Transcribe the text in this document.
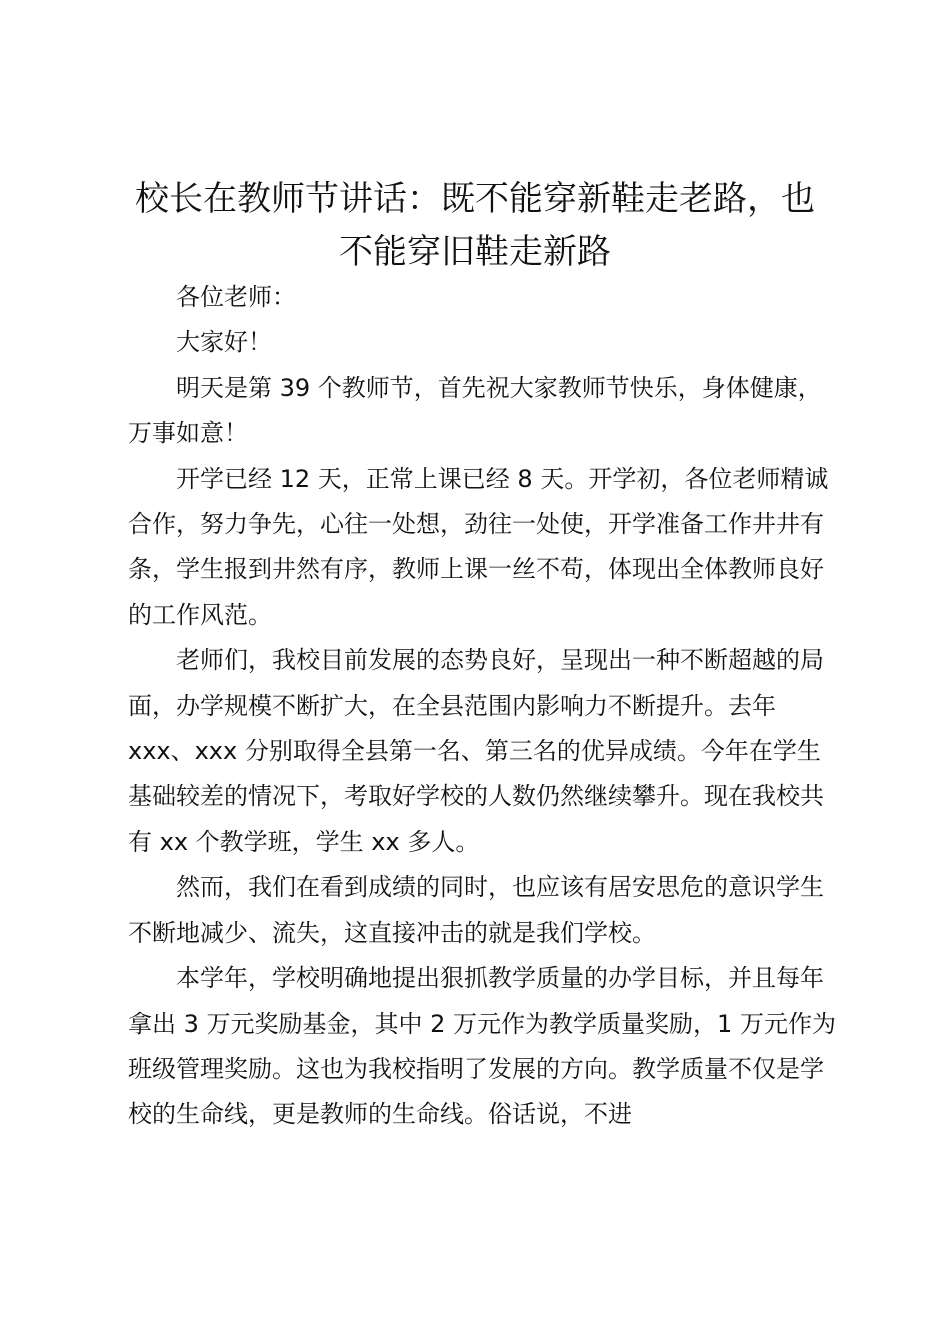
校长在教师节讲话：既不能穿新鞋走老路，也不能穿旧鞋走新路

各位老师：

大家好！

明天是第 39 个教师节，首先祝大家教师节快乐，身体健康，万事如意！

开学已经 12 天，正常上课已经 8 天。开学初，各位老师精诚合作，努力争先，心往一处想，劲往一处使，开学准备工作井井有条，学生报到井然有序，教师上课一丝不苟，体现出全体教师良好的工作风范。

老师们，我校目前发展的态势良好，呈现出一种不断超越的局面，办学规模不断扩大，在全县范围内影响力不断提升。去年 xxx、xxx 分别取得全县第一名、第三名的优异成绩。今年在学生基础较差的情况下，考取好学校的人数仍然继续攀升。现在我校共有 xx 个教学班，学生 xx 多人。

然而，我们在看到成绩的同时，也应该有居安思危的意识学生不断地减少、流失，这直接冲击的就是我们学校。

本学年，学校明确地提出狠抓教学质量的办学目标，并且每年拿出 3 万元奖励基金，其中 2 万元作为教学质量奖励，1 万元作为班级管理奖励。这也为我校指明了发展的方向。教学质量不仅是学校的生命线，更是教师的生命线。俗话说，不进
